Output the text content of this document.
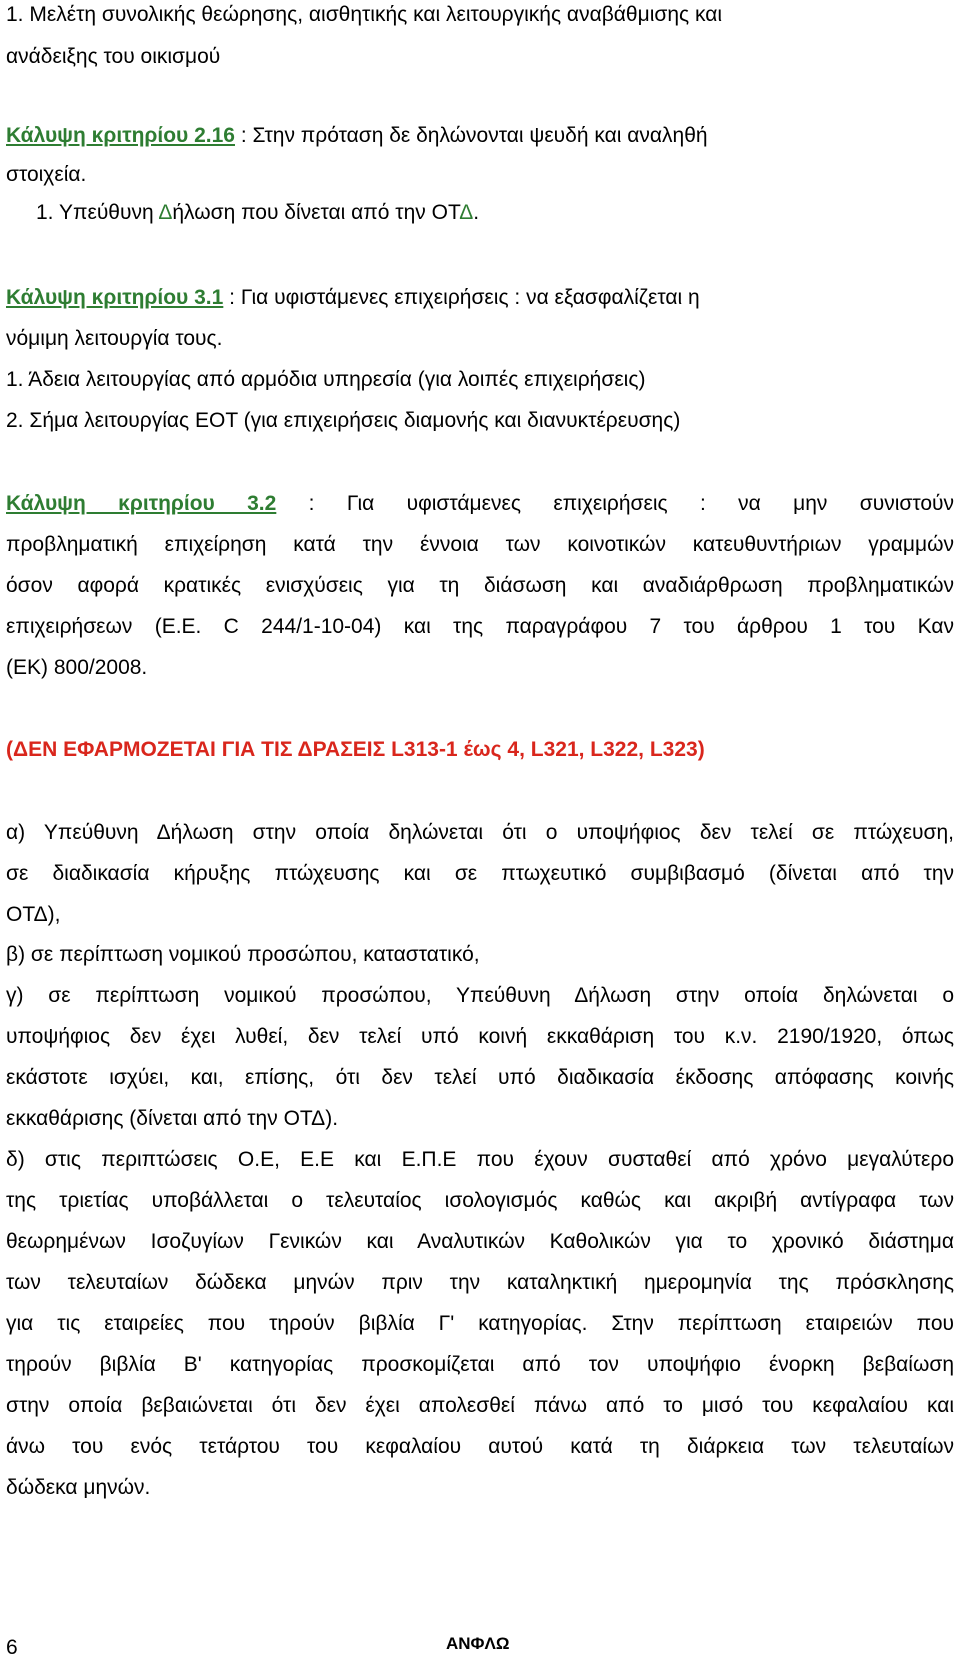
1. Μελέτη συνολικής θεώρησης, αισθητικής και λειτουργικής αναβάθμισης και
ανάδειξης του οικισμού
Κάλυψη κριτηρίου 2.16 : Στην πρόταση δε δηλώνονται ψευδή και αναληθή
στοιχεία.
1. Υπεύθυνη Δήλωση που δίνεται από την ΟΤΔ.
Κάλυψη κριτηρίου 3.1 : Για υφιστάμενες επιχειρήσεις : να εξασφαλίζεται η
νόμιμη λειτουργία τους.
1. Άδεια λειτουργίας από αρμόδια υπηρεσία (για λοιπές επιχειρήσεις)
2. Σήμα λειτουργίας ΕΟΤ (για επιχειρήσεις διαμονής και διανυκτέρευσης)
Κάλυψη κριτηρίου 3.2 : Για υφιστάμενες επιχειρήσεις : να μην συνιστούν
προβληματική επιχείρηση κατά την έννοια των κοινοτικών κατευθυντήριων γραμμών
όσον αφορά κρατικές ενισχύσεις για τη διάσωση και αναδιάρθρωση προβληματικών
επιχειρήσεων (Ε.Ε. C 244/1-10-04) και της παραγράφου 7 του άρθρου 1 του Καν
(ΕΚ) 800/2008.
(ΔΕΝ ΕΦΑΡΜΟΖΕΤΑΙ ΓΙΑ ΤΙΣ ΔΡΑΣΕΙΣ L313-1 έως 4, L321, L322, L323)
α) Υπεύθυνη Δήλωση στην οποία δηλώνεται ότι ο υποψήφιος δεν τελεί σε πτώχευση,
σε διαδικασία κήρυξης πτώχευσης και σε πτωχευτικό συμβιβασμό (δίνεται από την
ΟΤΔ),
β) σε περίπτωση νομικού προσώπου, καταστατικό,
γ) σε περίπτωση νομικού προσώπου, Υπεύθυνη Δήλωση στην οποία δηλώνεται ο
υποψήφιος δεν έχει λυθεί, δεν τελεί υπό κοινή εκκαθάριση του κ.ν. 2190/1920, όπως
εκάστοτε ισχύει, και, επίσης, ότι δεν τελεί υπό διαδικασία έκδοσης απόφασης κοινής
εκκαθάρισης (δίνεται από την ΟΤΔ).
δ) στις περιπτώσεις Ο.Ε, Ε.Ε και Ε.Π.Ε που έχουν συσταθεί από χρόνο μεγαλύτερο
της τριετίας υποβάλλεται ο τελευταίος ισολογισμός καθώς και ακριβή αντίγραφα των
θεωρημένων Ισοζυγίων Γενικών και Αναλυτικών Καθολικών για το χρονικό διάστημα
των τελευταίων δώδεκα μηνών πριν την καταληκτική ημερομηνία της πρόσκλησης
για τις εταιρείες που τηρούν βιβλία Γ' κατηγορίας. Στην περίπτωση εταιρειών που
τηρούν βιβλία Β' κατηγορίας προσκομίζεται από τον υποψήφιο ένορκη βεβαίωση
στην οποία βεβαιώνεται ότι δεν έχει απολεσθεί πάνω από το μισό του κεφαλαίου και
άνω του ενός τετάρτου του κεφαλαίου αυτού κατά τη διάρκεια των τελευταίων
δώδεκα μηνών.
6	ΑΝΦΛΩ
